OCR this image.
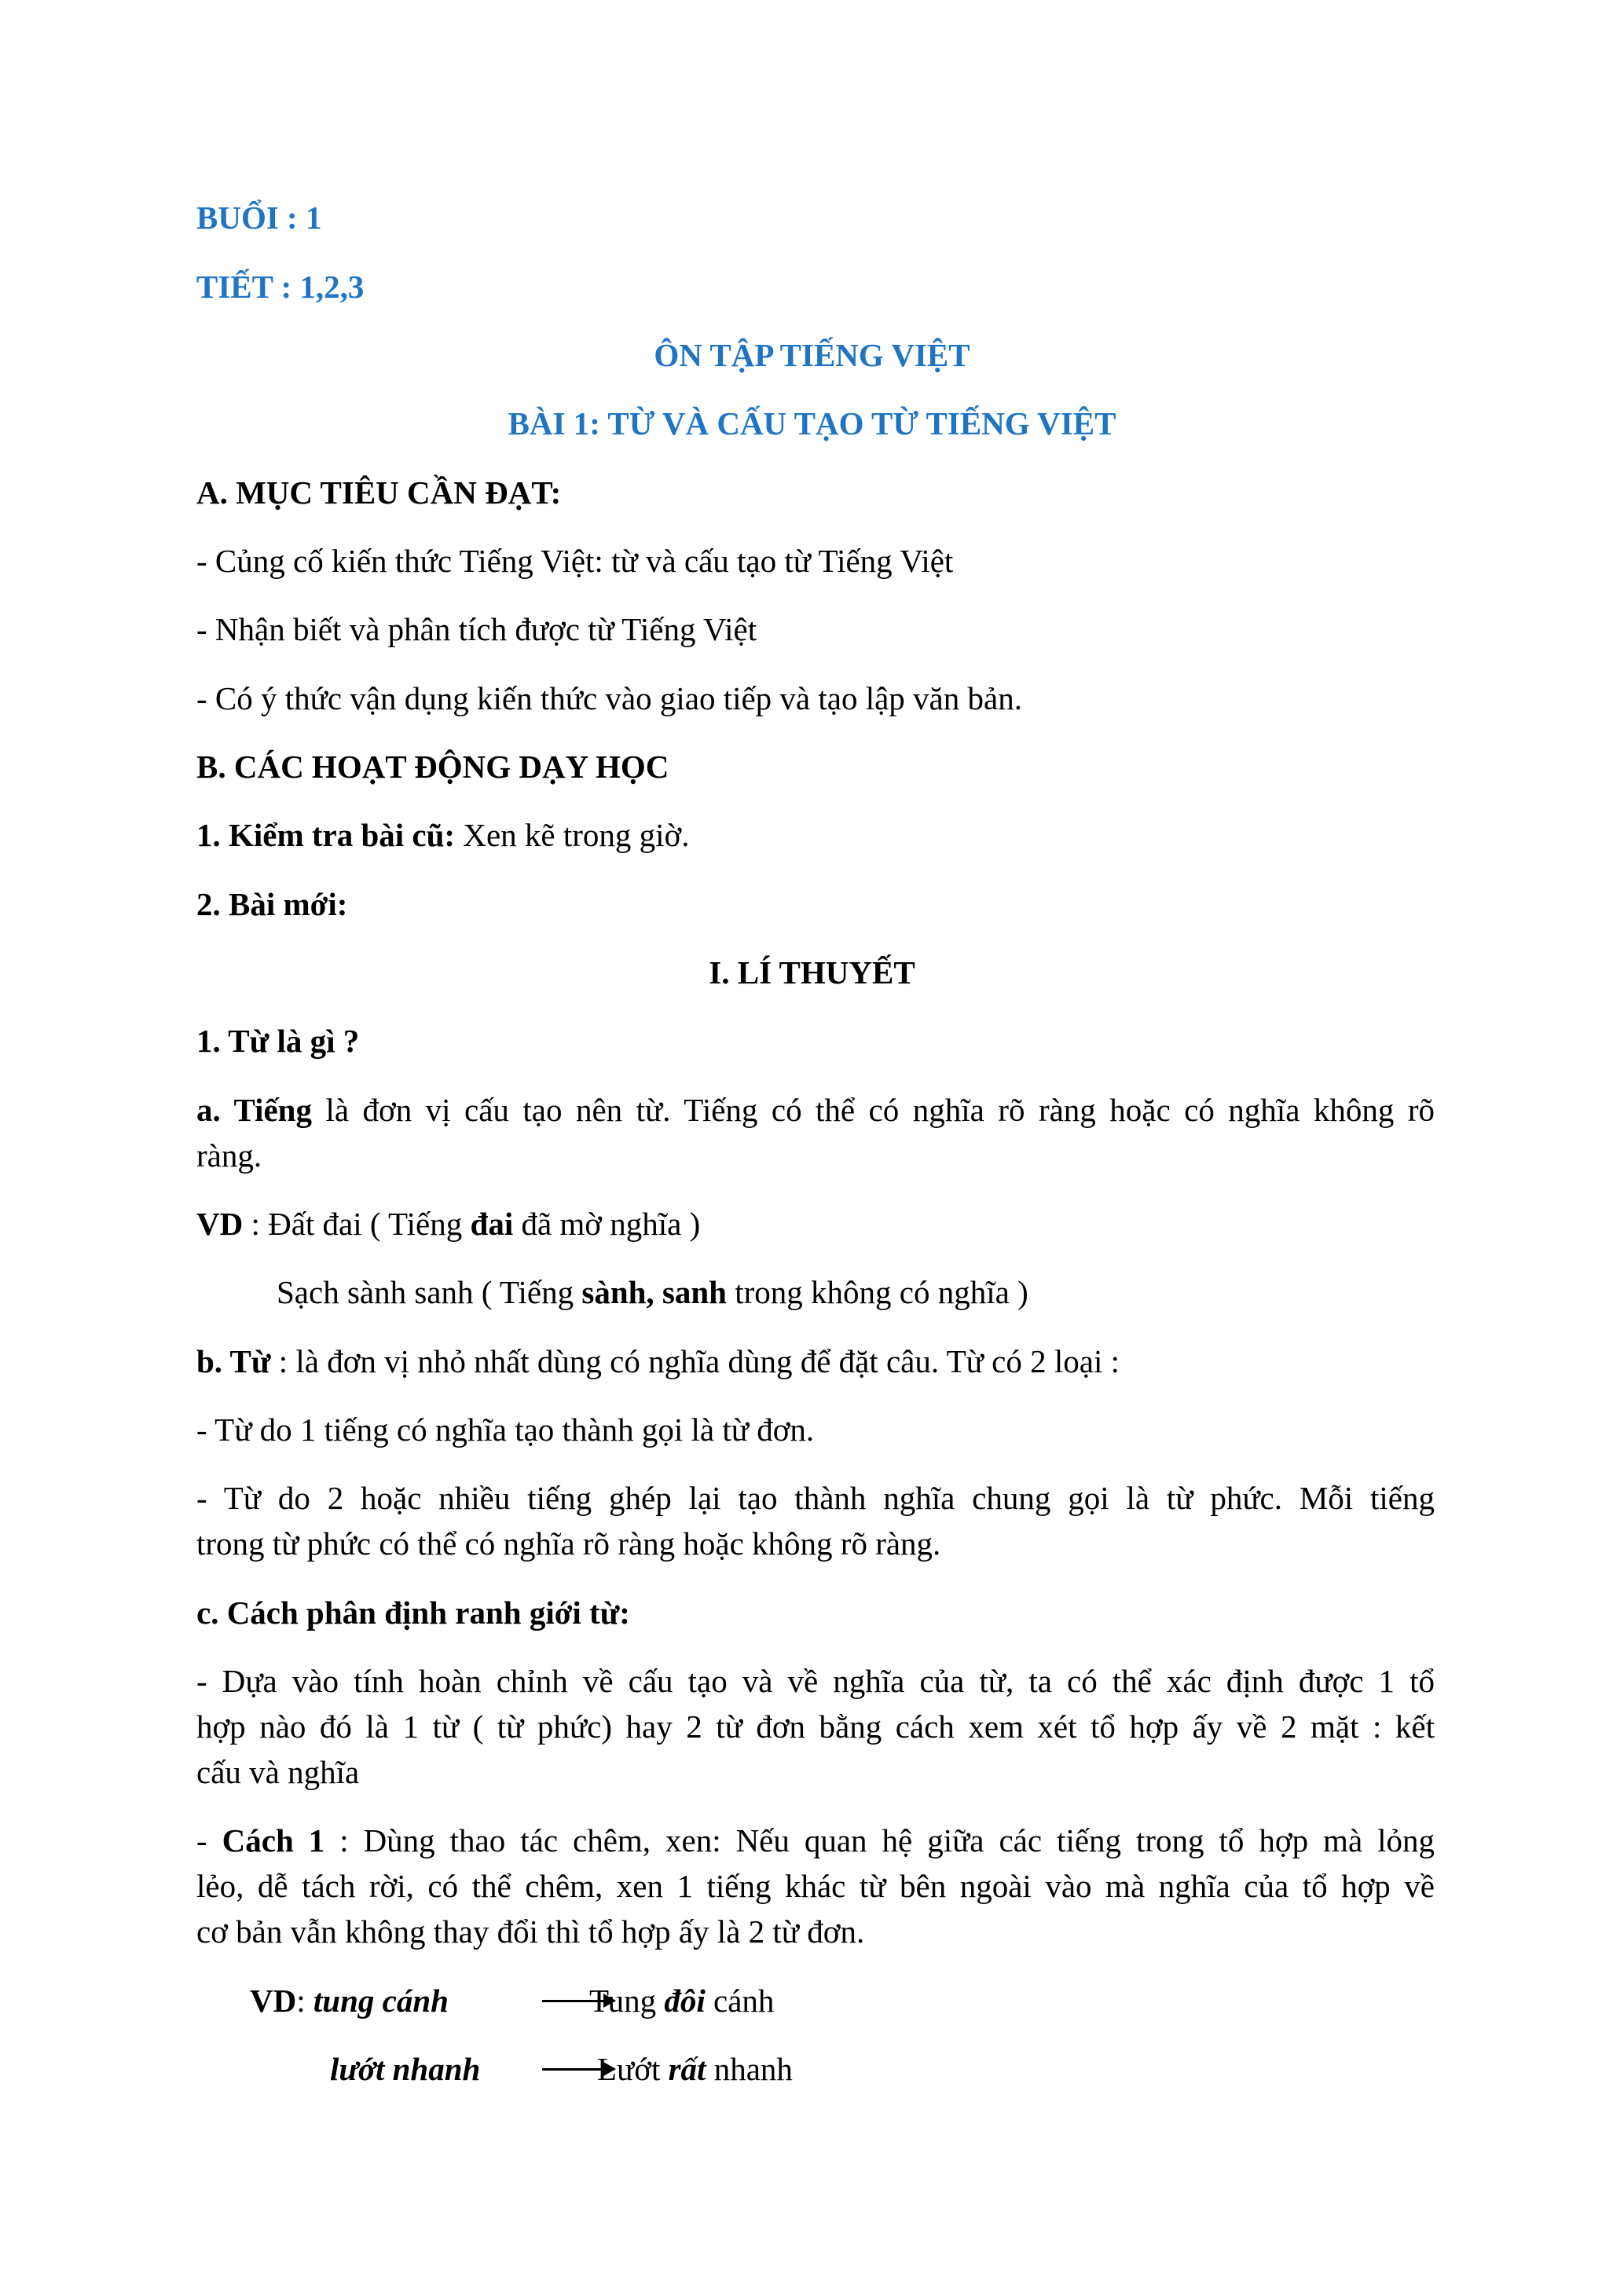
BUỔI : 1
TIẾT : 1,2,3
ÔN TẬP TIẾNG VIỆT
BÀI 1: TỪ VÀ CẤU TẠO TỪ TIẾNG VIỆT
A. MỤC TIÊU CẦN ĐẠT:
- Củng cố kiến thức Tiếng Việt: từ và cấu tạo từ Tiếng Việt
- Nhận biết và phân tích được từ Tiếng Việt
- Có ý thức vận dụng kiến thức vào giao tiếp và tạo lập văn bản.
B. CÁC HOẠT ĐỘNG DẠY HỌC
1. Kiểm tra bài cũ: Xen kẽ trong giờ.
2. Bài mới:
I. LÍ THUYẾT
1. Từ là gì ?
a. Tiếng là đơn vị cấu tạo nên từ. Tiếng có thể có nghĩa rõ ràng hoặc có nghĩa không rõ
ràng.
VD : Đất đai ( Tiếng đai đã mờ nghĩa )
Sạch sành sanh ( Tiếng sành, sanh trong không có nghĩa )
b. Từ : là đơn vị nhỏ nhất dùng có nghĩa dùng để đặt câu. Từ có 2 loại :
- Từ do 1 tiếng có nghĩa tạo thành gọi là từ đơn.
- Từ do 2 hoặc nhiều tiếng ghép lại tạo thành nghĩa chung gọi là từ phức. Mỗi tiếng
trong từ phức có thể có nghĩa rõ ràng hoặc không rõ ràng.
c. Cách phân định ranh giới từ:
- Dựa vào tính hoàn chỉnh về cấu tạo và về nghĩa của từ, ta có thể xác định được 1 tổ
hợp nào đó là 1 từ ( từ phức) hay 2 từ đơn bằng cách xem xét tổ hợp ấy về 2 mặt : kết
cấu và nghĩa
- Cách 1 : Dùng thao tác chêm, xen: Nếu quan hệ giữa các tiếng trong tổ hợp mà lỏng
lẻo, dễ tách rời, có thể chêm, xen 1 tiếng khác từ bên ngoài vào mà nghĩa của tổ hợp về
cơ bản vẫn không thay đổi thì tổ hợp ấy là 2 từ đơn.
VD: tung cánh	Tung đôi cánh
lướt nhanh	Lướt rất nhanh
